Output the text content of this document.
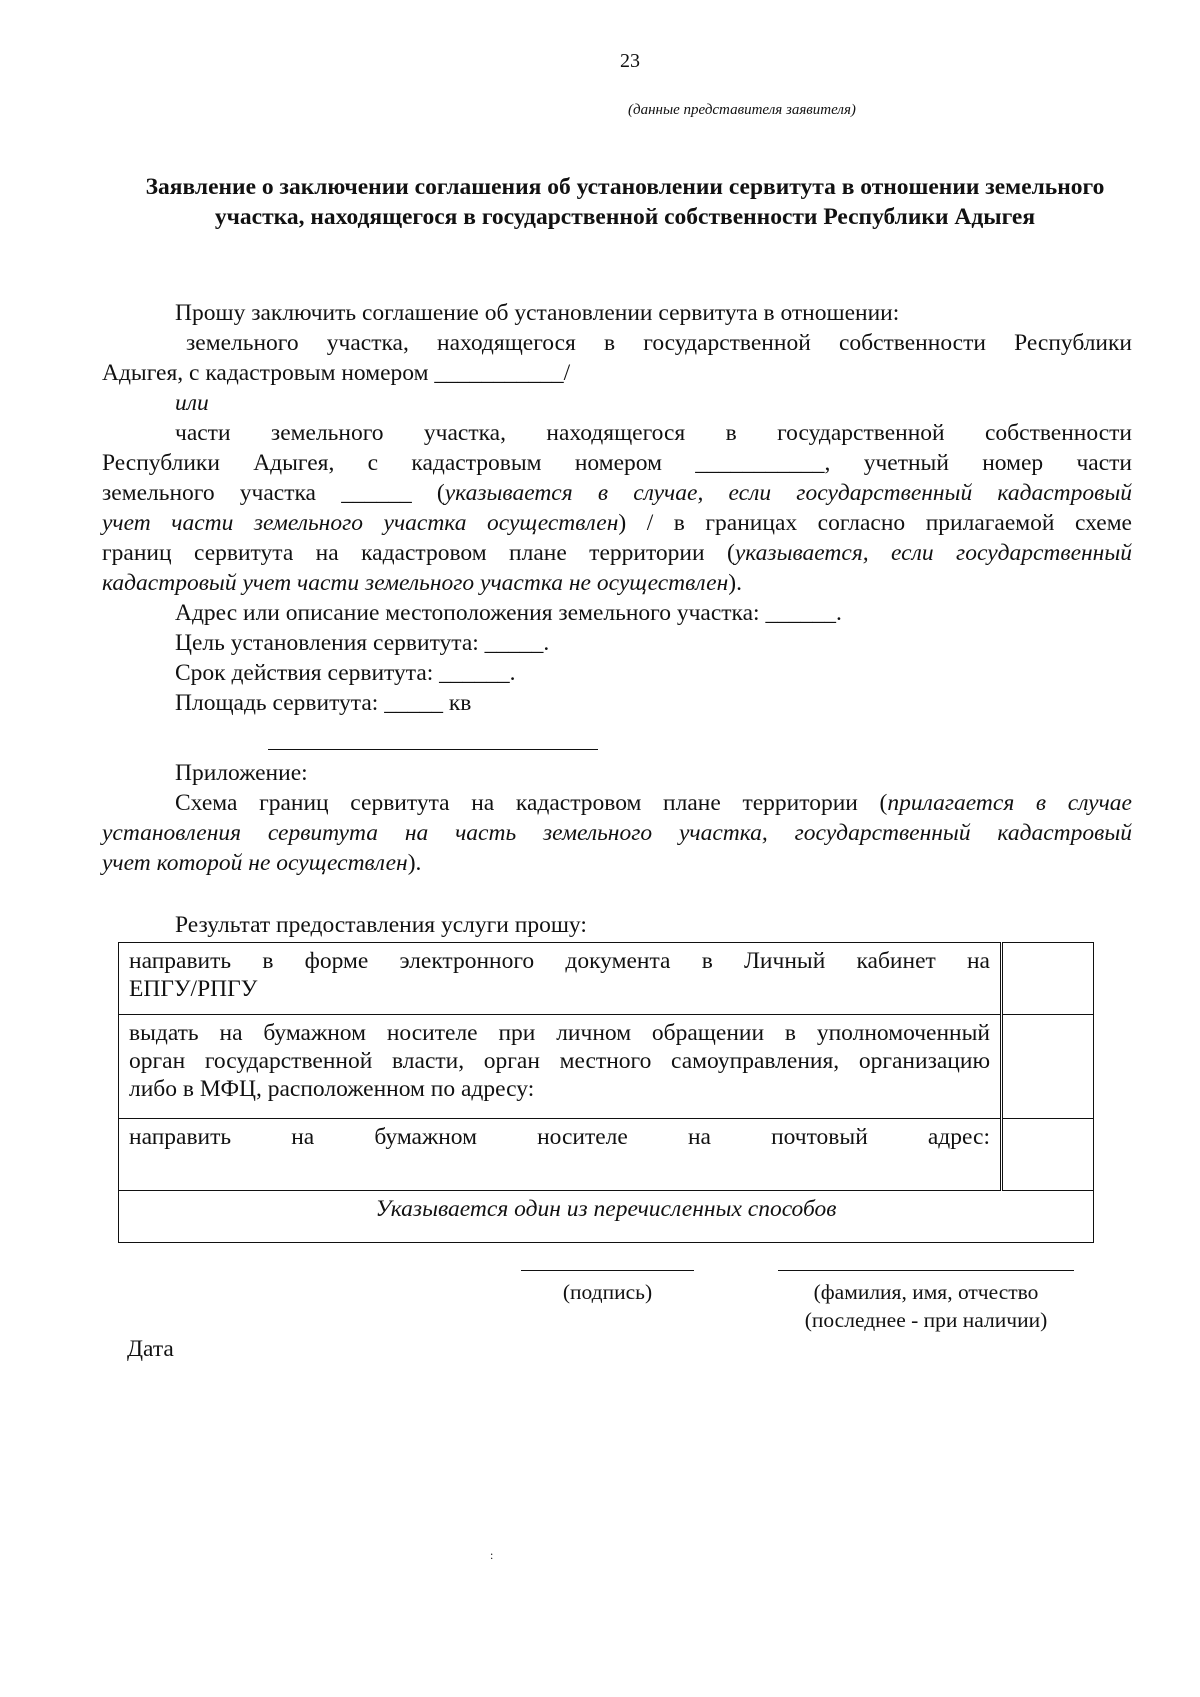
23
(данные представителя заявителя)
Заявление о заключении соглашения об установлении сервитута в отношении земельного участка, находящегося в государственной собственности Республики Адыгея
Прошу заключить соглашение об установлении сервитута в отношении:
земельного участка, находящегося в государственной собственности Республики
Адыгея, с кадастровым номером ___________/
или
части земельного участка, находящегося в государственной собственности
Республики Адыгея, с кадастровым номером ___________, учетный номер части
земельного участка ______ (указывается в случае, если государственный кадастровый
учет части земельного участка осуществлен) / в границах согласно прилагаемой схеме
границ сервитута на кадастровом плане территории (указывается, если государственный
кадастровый учет части земельного участка не осуществлен).
Адрес или описание местоположения земельного участка: ______.
Цель установления сервитута: _____.
Срок действия сервитута: ______.
Площадь сервитута: _____ кв
Приложение:
Схема границ сервитута на кадастровом плане территории (прилагается в случае
установления сервитута на часть земельного участка, государственный кадастровый
учет которой не осуществлен).
Результат предоставления услуги прошу:
направить в форме электронного документа в Личный кабинет на
ЕПГУ/РПГУ	

выдать на бумажном носителе при личном обращении в уполномоченный
орган государственной власти, орган местного самоуправления, организацию
либо в МФЦ, расположенном по адресу:	

направить на бумажном носителе на почтовый адрес:	

Указывается один из перечисленных способов	
(подпись)	(фамилия, имя, отчество
(последнее - при наличии)
Дата
:
